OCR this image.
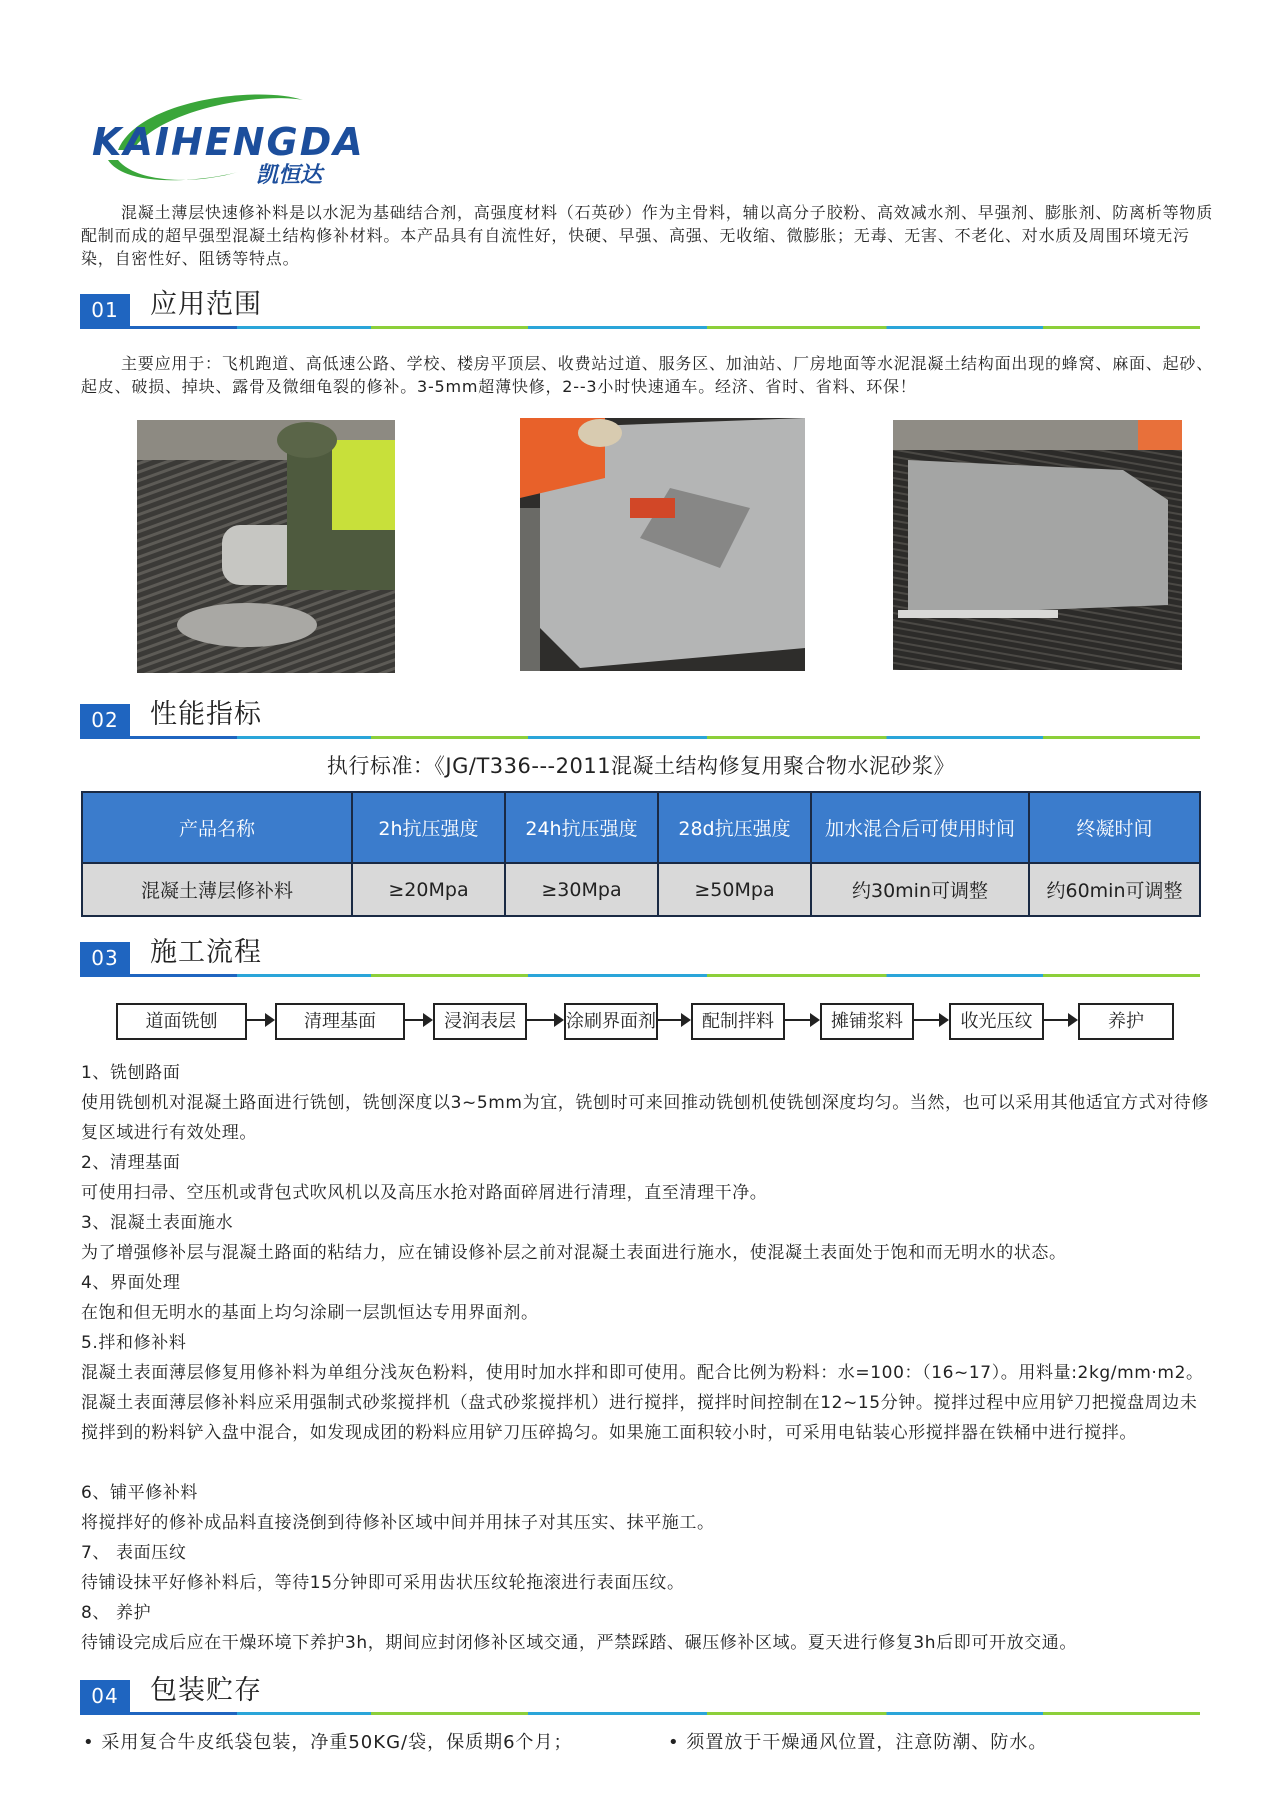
KAIHENGDA
凯恒达
混凝土薄层快速修补料是以水泥为基础结合剂，高强度材料（石英砂）作为主骨料，辅以高分子胶粉、高效减水剂、早强剂、膨胀剂、防离析等物质配制而成的超早强型混凝土结构修补材料。本产品具有自流性好，快硬、早强、高强、无收缩、微膨胀；无毒、无害、不老化、对水质及周围环境无污染，自密性好、阻锈等特点。
01	应用范围
主要应用于：飞机跑道、高低速公路、学校、楼房平顶层、收费站过道、服务区、加油站、厂房地面等水泥混凝土结构面出现的蜂窝、麻面、起砂、起皮、破损、掉块、露骨及微细龟裂的修补。3-5mm超薄快修，2--3小时快速通车。经济、省时、省料、环保！
02	性能指标
执行标准：《JG/T336---2011混凝土结构修复用聚合物水泥砂浆》
产品名称	2h抗压强度	24h抗压强度	28d抗压强度	加水混合后可使用时间	终凝时间
混凝土薄层修补料	≥20Mpa	≥30Mpa	≥50Mpa	约30min可调整	约60min可调整
03	施工流程
道面铣刨	清理基面	浸润表层	涂刷界面剂	配制拌料	摊铺浆料	收光压纹	养护
1、铣刨路面
使用铣刨机对混凝土路面进行铣刨，铣刨深度以3~5mm为宜，铣刨时可来回推动铣刨机使铣刨深度均匀。当然，也可以采用其他适宜方式对待修复区域进行有效处理。
2、清理基面
可使用扫帚、空压机或背包式吹风机以及高压水抢对路面碎屑进行清理，直至清理干净。
3、混凝土表面施水
为了增强修补层与混凝土路面的粘结力，应在铺设修补层之前对混凝土表面进行施水，使混凝土表面处于饱和而无明水的状态。
4、界面处理
在饱和但无明水的基面上均匀涂刷一层凯恒达专用界面剂。
5.拌和修补料
混凝土表面薄层修复用修补料为单组分浅灰色粉料，使用时加水拌和即可使用。配合比例为粉料：水=100：（16~17）。用料量:2kg/mm·m2。混凝土表面薄层修补料应采用强制式砂浆搅拌机（盘式砂浆搅拌机）进行搅拌，搅拌时间控制在12~15分钟。搅拌过程中应用铲刀把搅盘周边未搅拌到的粉料铲入盘中混合，如发现成团的粉料应用铲刀压碎捣匀。如果施工面积较小时，可采用电钻装心形搅拌器在铁桶中进行搅拌。
6、铺平修补料
将搅拌好的修补成品料直接浇倒到待修补区域中间并用抹子对其压实、抹平施工。
7、 表面压纹
待铺设抹平好修补料后，等待15分钟即可采用齿状压纹轮拖滚进行表面压纹。
8、 养护
待铺设完成后应在干燥环境下养护3h，期间应封闭修补区域交通，严禁踩踏、碾压修补区域。夏天进行修复3h后即可开放交通。
04	包装贮存
• 采用复合牛皮纸袋包装，净重50KG/袋，保质期6个月；	• 须置放于干燥通风位置，注意防潮、防水。
